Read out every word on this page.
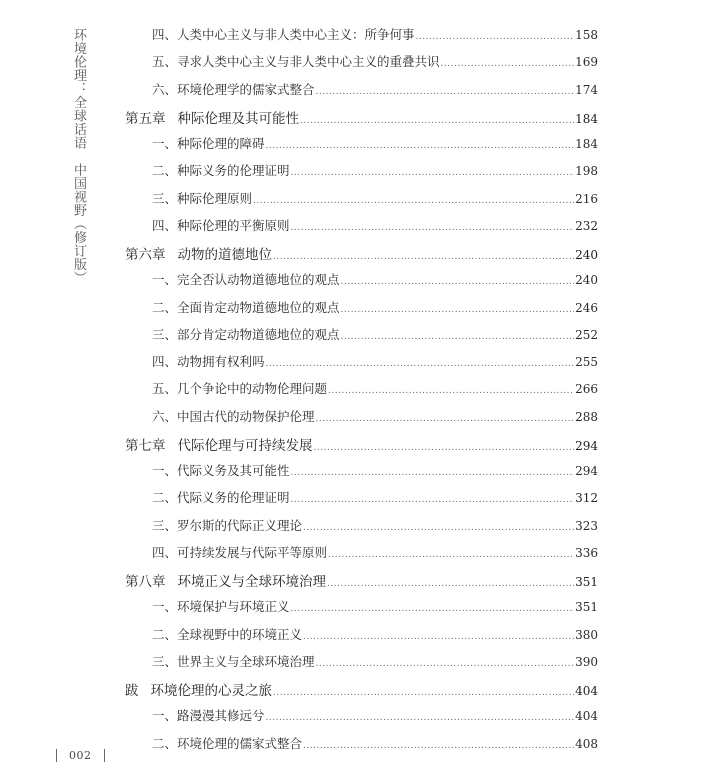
环境伦理：全球话语　中国视野（修订版）	四、人类中心主义与非人类中心主义：所争何事 .....	158
五、寻求人类中心主义与非人类中心主义的重叠共识 .....	169
六、环境伦理学的儒家式整合 .....	174
第五章 种际伦理及其可能性 .....	184
一、种际伦理的障碍 .....	184
二、种际义务的伦理证明 .....	198
三、种际伦理原则 .....	216
四、种际伦理的平衡原则 .....	232
第六章 动物的道德地位 .....	240
一、完全否认动物道德地位的观点 .....	240
二、全面肯定动物道德地位的观点 .....	246
三、部分肯定动物道德地位的观点 .....	252
四、动物拥有权利吗 .....	255
五、几个争论中的动物伦理问题 .....	266
六、中国古代的动物保护伦理 .....	288
第七章 代际伦理与可持续发展 .....	294
一、代际义务及其可能性 .....	294
二、代际义务的伦理证明 .....	312
三、罗尔斯的代际正义理论 .....	323
四、可持续发展与代际平等原则 .....	336
第八章 环境正义与全球环境治理 .....	351
一、环境保护与环境正义 .....	351
二、全球视野中的环境正义 .....	380
三、世界主义与全球环境治理 .....	390
跋 环境伦理的心灵之旅 .....	404
一、路漫漫其修远兮 .....	404
二、环境伦理的儒家式整合 .....	408
002
